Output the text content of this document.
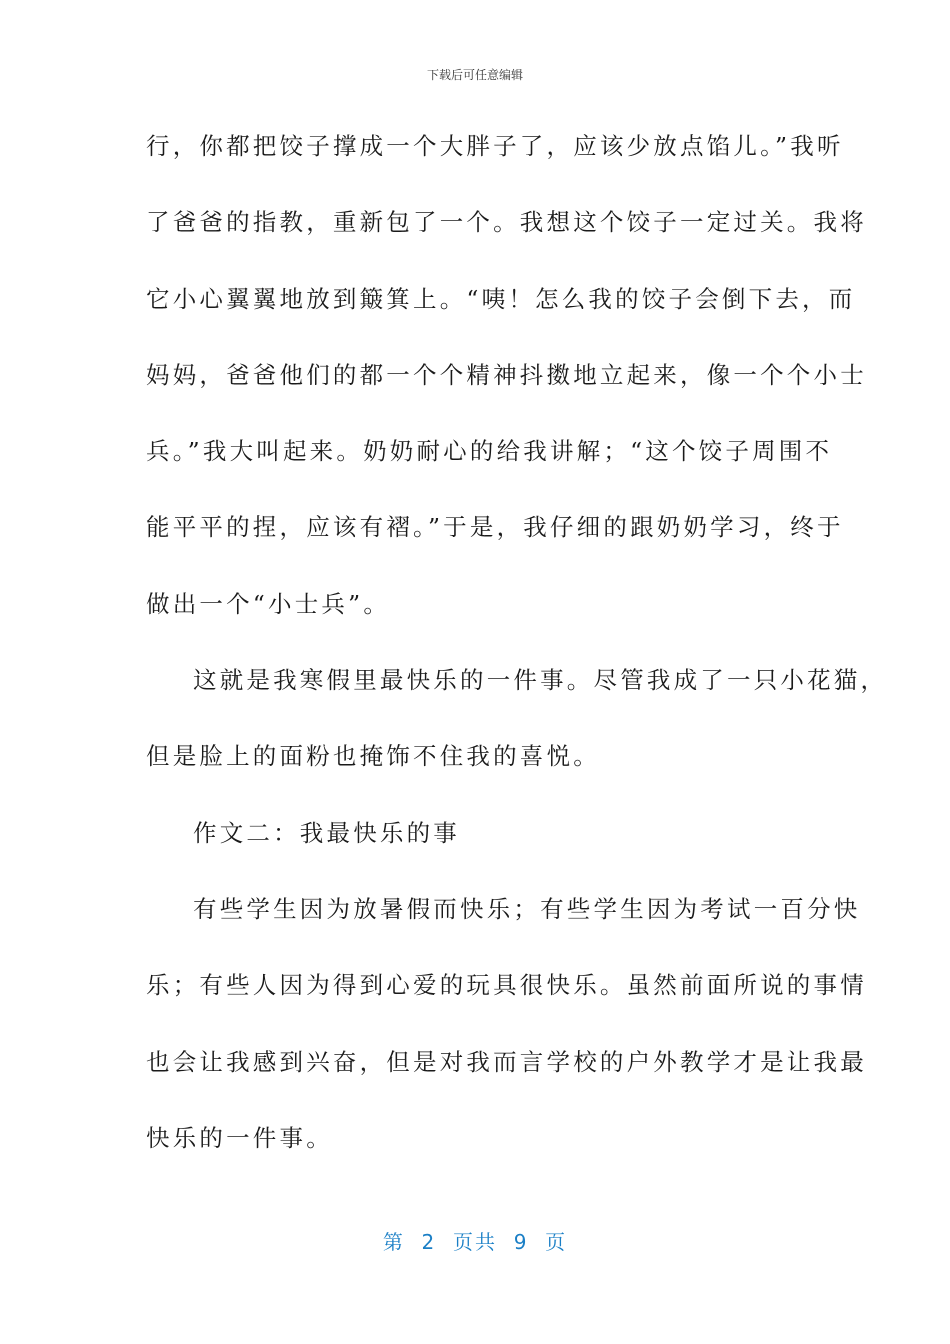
下载后可任意编辑
行，你都把饺子撑成一个大胖子了，应该少放点馅儿。”我听
了爸爸的指教，重新包了一个。我想这个饺子一定过关。我将
它小心翼翼地放到簸箕上。“咦！怎么我的饺子会倒下去，而
妈妈，爸爸他们的都一个个精神抖擞地立起来，像一个个小士
兵。”我大叫起来。奶奶耐心的给我讲解；“这个饺子周围不
能平平的捏，应该有褶。”于是，我仔细的跟奶奶学习，终于
做出一个“小士兵”。
这就是我寒假里最快乐的一件事。尽管我成了一只小花猫，
但是脸上的面粉也掩饰不住我的喜悦。
作文二：我最快乐的事
有些学生因为放暑假而快乐；有些学生因为考试一百分快
乐；有些人因为得到心爱的玩具很快乐。虽然前面所说的事情
也会让我感到兴奋，但是对我而言学校的户外教学才是让我最
快乐的一件事。
第  2  页共  9  页
